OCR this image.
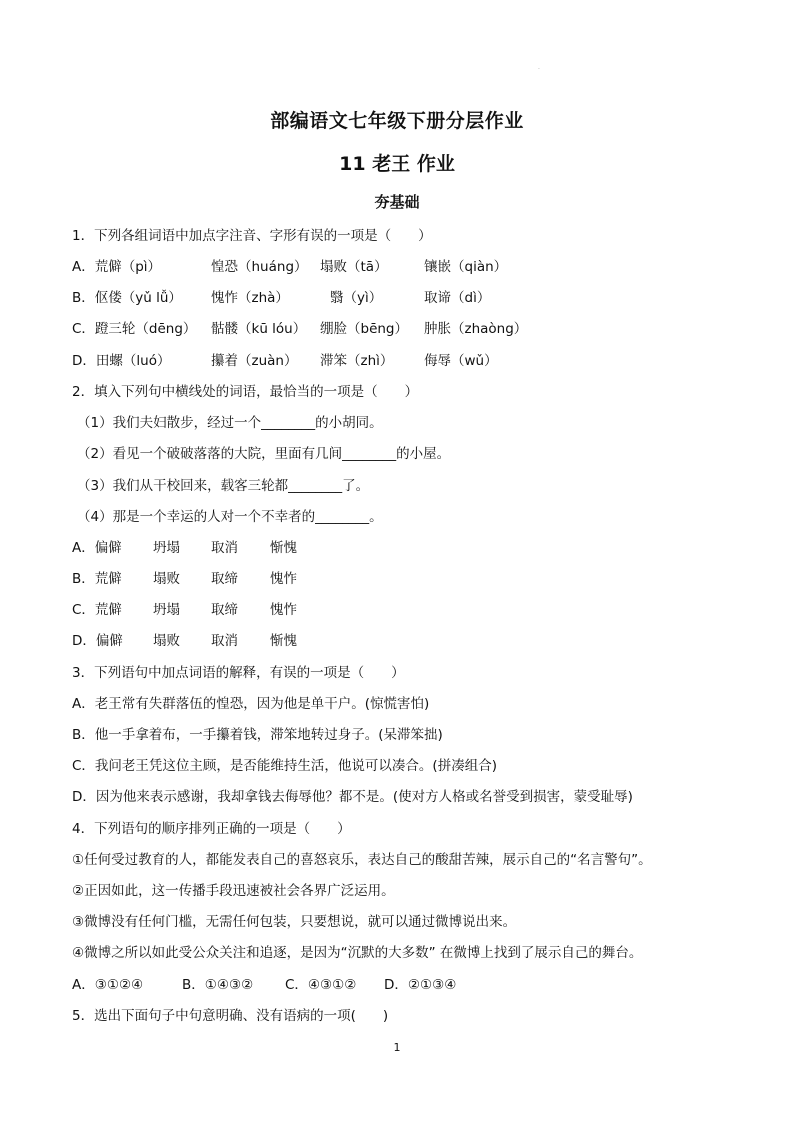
·
部编语文七年级下册分层作业
11 老王 作业
夯基础
1．下列各组词语中加点字注音、字形有误的一项是（　　）
A．荒僻（pì）	惶恐（huáng） 塌败（tā）	镶嵌（qiàn）
B．伛偻（yǔ lǚ） 愧怍（zhà）	翳（yì）	取谛（dì）
C．蹬三轮（dēng） 骷髅（kū lóu） 绷脸（bēng） 肿胀（zhaòng）
D．田螺（luó）	攥着（zuàn） 滞笨（zhì） 侮辱（wǔ）
2．填入下列句中横线处的词语，最恰当的一项是（　　）
（1）我们夫妇散步，经过一个________的小胡同。
（2）看见一个破破落落的大院，里面有几间________的小屋。
（3）我们从干校回来，载客三轮都________了。
（4）那是一个幸运的人对一个不幸者的________。
A．偏僻 坍塌 取消 惭愧
B．荒僻 塌败 取缔 愧怍
C．荒僻 坍塌 取缔 愧怍
D．偏僻 塌败 取消 惭愧
3．下列语句中加点词语的解释，有误的一项是（　　）
A．老王常有失群落伍的惶恐，因为他是单干户。(惊慌害怕)
B．他一手拿着布，一手攥着钱，滞笨地转过身子。(呆滞笨拙)
C．我问老王凭这位主顾，是否能维持生活，他说可以凑合。(拼凑组合)
D．因为他来表示感谢，我却拿钱去侮辱他？都不是。(使对方人格或名誉受到损害，蒙受耻辱)
4．下列语句的顺序排列正确的一项是（　　）
①任何受过教育的人，都能发表自己的喜怒哀乐，表达自己的酸甜苦辣，展示自己的“名言警句”。
②正因如此，这一传播手段迅速被社会各界广泛运用。
③微博没有任何门槛，无需任何包装，只要想说，就可以通过微博说出来。
④微博之所以如此受公众关注和追逐，是因为“沉默的大多数” 在微博上找到了展示自己的舞台。
A．③①②④	B．①④③② C．④③①② D．②①③④
5．选出下面句子中句意明确、没有语病的一项(　　)
1
